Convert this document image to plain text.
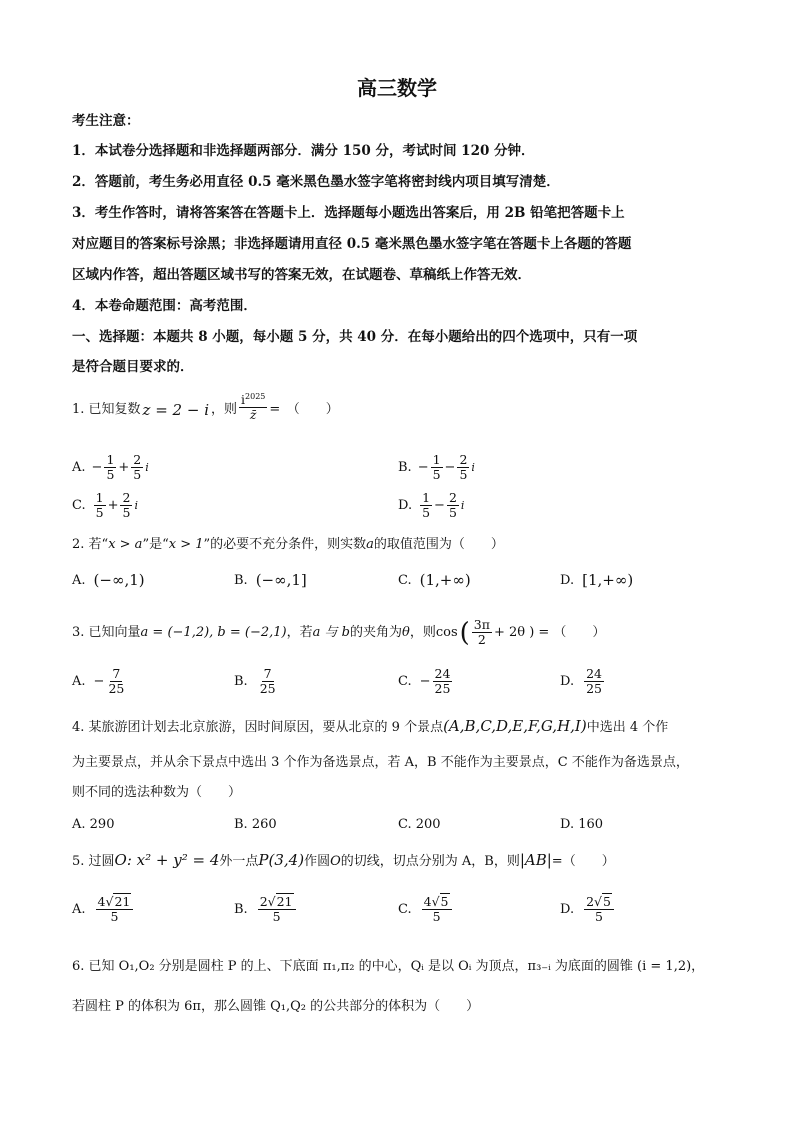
高三数学
考生注意：
1．本试卷分选择题和非选择题两部分．满分 150 分，考试时间 120 分钟．
2．答题前，考生务必用直径 0.5 毫米黑色墨水签字笔将密封线内项目填写清楚．
3．考生作答时，请将答案答在答题卡上．选择题每小题选出答案后，用 2B 铅笔把答题卡上
对应题目的答案标号涂黑；非选择题请用直径 0.5 毫米黑色墨水签字笔在答题卡上各题的答题
区域内作答，超出答题区域书写的答案无效，在试题卷、草稿纸上作答无效．
4．本卷命题范围：高考范围．
一、选择题：本题共 8 小题，每小题 5 分，共 40 分．在每小题给出的四个选项中，只有一项
是符合题目要求的．
1. 已知复数 z = 2 − i ，则 $\frac{i^{2025}}{z̄}$ =　（　　）
A. − $\frac{1}{5} + \frac{2}{5}$ i	B. − $\frac{1}{5} - \frac{2}{5}$ i
C. $\frac{1}{5} + \frac{2}{5}$ i	D. $\frac{1}{5} - \frac{2}{5}$ i
2. 若“x > a”是“x > 1”的必要不充分条件，则实数a的取值范围为（　　）
A. (−∞,1)	B. (−∞,1]	C. (1,+∞)	D. [1,+∞)
3. 已知向量 a = (−1,2), b = (−2,1) ，若 a 与 b 的夹角为 θ ，则 cos ( $\frac{3\pi}{2} + 2\theta$ ) = （　　）
A. − $\frac{7}{25}$	B. $\frac{7}{25}$	C. − $\frac{24}{25}$	D. $\frac{24}{25}$
4. 某旅游团计划去北京旅游，因时间原因，要从北京的 9 个景点(A,B,C,D,E,F,G,H,I)中选出 4 个作
为主要景点，并从余下景点中选出 3 个作为备选景点，若 A，B 不能作为主要景点，C 不能作为备选景点，
则不同的选法种数为（　　）
A. 290	B. 260	C. 200	D. 160
5. 过圆O: x² + y² = 4外一点P(3,4)作圆O的切线，切点分别为 A，B，则|AB|=（　　）
A. $\frac{4√21}{5}$	B. $\frac{2√21}{5}$	C. $\frac{4√5}{5}$	D. $\frac{2√5}{5}$
6. 已知 O₁,O₂ 分别是圆柱 P 的上、下底面 π₁,π₂ 的中心，Qᵢ 是以 Oᵢ 为顶点，π₃₋ᵢ 为底面的圆锥 (i = 1,2)，
若圆柱 P 的体积为 6π，那么圆锥 Q₁,Q₂ 的公共部分的体积为（　　）
